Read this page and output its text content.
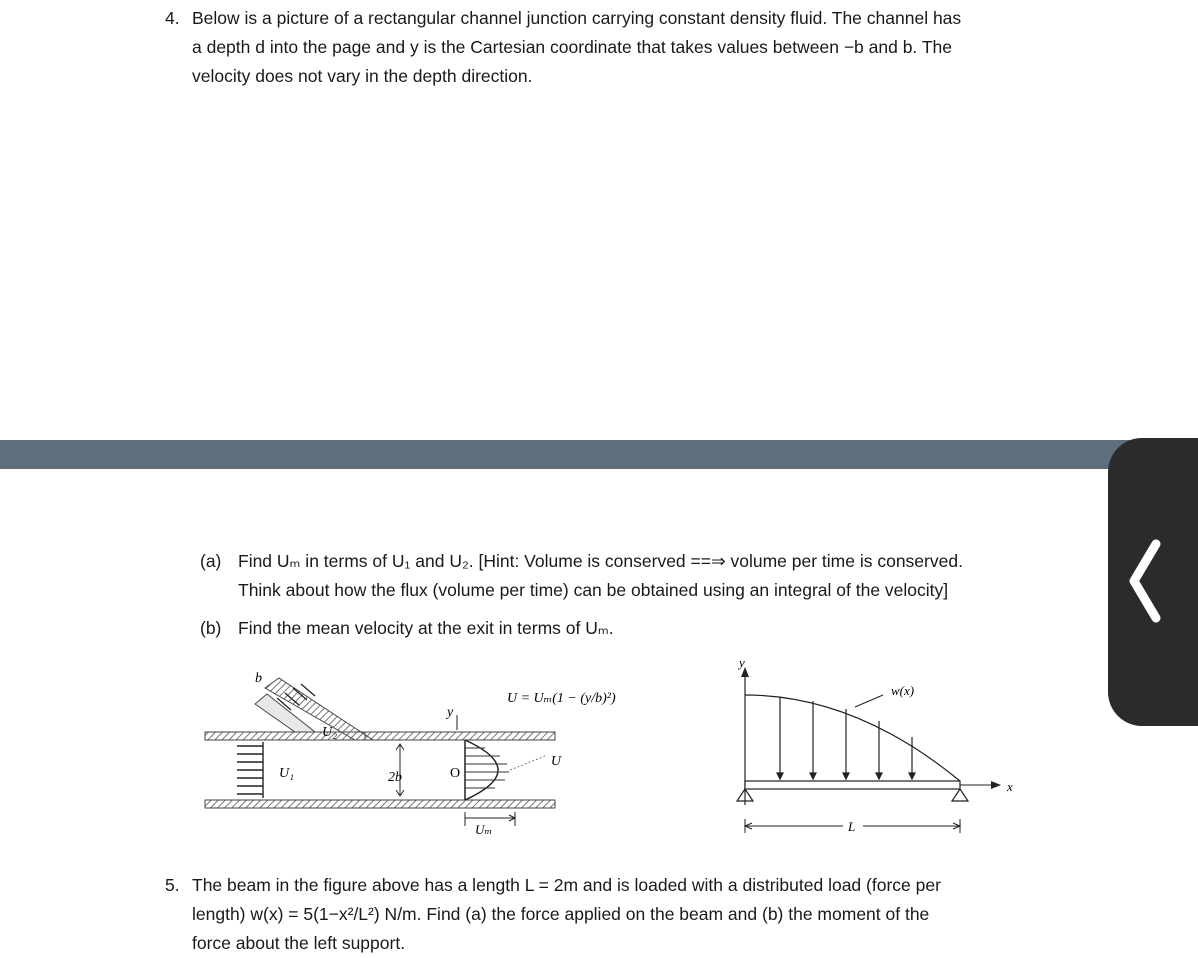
4. Below is a picture of a rectangular channel junction carrying constant density fluid. The channel has
a depth d into the page and y is the Cartesian coordinate that takes values between −b and b. The
velocity does not vary in the depth direction.
(a) Find Uₘ in terms of U₁ and U₂. [Hint: Volume is conserved ==⇒ volume per time is conserved.
Think about how the flux (volume per time) can be obtained using an integral of the velocity]
(b) Find the mean velocity at the exit in terms of Uₘ.
b
U₂
U₁	2b
y
O
U
Uₘ
U = Uₘ(1 − (y/b)²)
y
x
w(x)
L
5. The beam in the figure above has a length L = 2m and is loaded with a distributed load (force per
length) w(x) = 5(1−x²/L²) N/m. Find (a) the force applied on the beam and (b) the moment of the
force about the left support.
